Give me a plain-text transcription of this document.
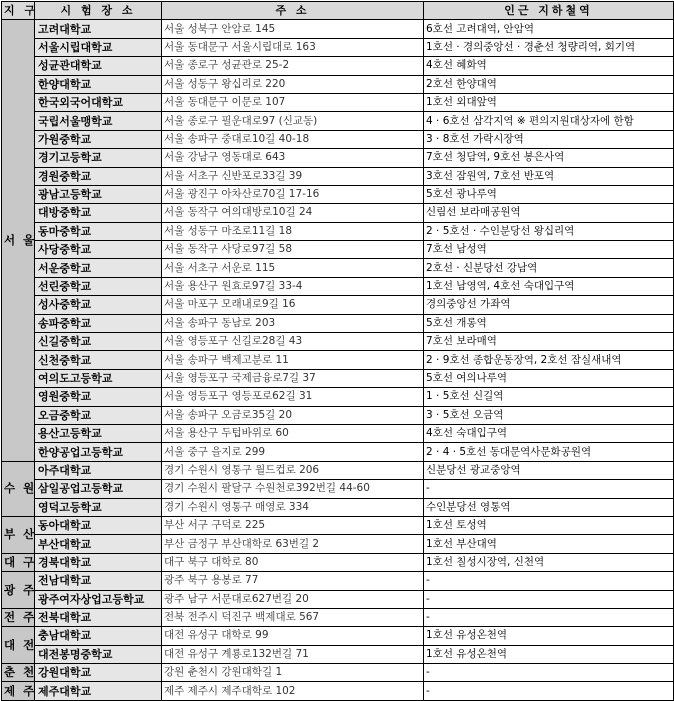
지 구	시 험 장 소	주 소	인근 지하철역
서 울	고려대학교	서울 성북구 안암로 145	6호선 고려대역, 안암역
	서울시립대학교	서울 동대문구 서울시립대로 163	1호선 · 경의중앙선 · 경춘선 청량리역, 회기역
	성균관대학교	서울 종로구 성균관로 25-2	4호선 혜화역
	한양대학교	서울 성동구 왕십리로 220	2호선 한양대역
	한국외국어대학교	서울 동대문구 이문로 107	1호선 외대앞역
	국립서울맹학교	서울 종로구 필운대로97 (신교동)	4 · 6호선 삼각지역 ※ 편의지원대상자에 한함
	가원중학교	서울 송파구 중대로10길 40-18	3 · 8호선 가락시장역
	경기고등학교	서울 강남구 영동대로 643	7호선 청담역, 9호선 봉은사역
	경원중학교	서울 서초구 신반포로33길 39	3호선 잠원역, 7호선 반포역
	광남고등학교	서울 광진구 아차산로70길 17-16	5호선 광나루역
	대방중학교	서울 동작구 여의대방로10길 24	신림선 보라매공원역
	동마중학교	서울 성동구 마조로11길 18	2 · 5호선 · 수인분당선 왕십리역
	사당중학교	서울 동작구 사당로97길 58	7호선 남성역
	서운중학교	서울 서초구 서운로 115	2호선 · 신분당선 강남역
	선린중학교	서울 용산구 원효로97길 33-4	1호선 남영역, 4호선 숙대입구역
	성사중학교	서울 마포구 모래내로9길 16	경의중앙선 가좌역
	송파중학교	서울 송파구 동남로 203	5호선 개롱역
	신길중학교	서울 영등포구 신길로28길 43	7호선 보라매역
	신천중학교	서울 송파구 백제고분로 11	2 · 9호선 종합운동장역, 2호선 잠실새내역
	여의도고등학교	서울 영등포구 국제금융로7길 37	5호선 여의나루역
	영원중학교	서울 영등포구 영등포로62길 31	1 · 5호선 신길역
	오금중학교	서울 송파구 오금로35길 20	3 · 5호선 오금역
	용산고등학교	서울 용산구 두텁바위로 60	4호선 숙대입구역
	한양공업고등학교	서울 중구 을지로 299	2 · 4 · 5호선 동대문역사문화공원역
수 원	아주대학교	경기 수원시 영통구 월드컵로 206	신분당선 광교중앙역
	삼일공업고등학교	경기 수원시 팔달구 수원천로392번길 44-60	-
	영덕고등학교	경기 수원시 영통구 매영로 334	수인분당선 영통역
부 산	동아대학교	부산 서구 구덕로 225	1호선 토성역
	부산대학교	부산 금정구 부산대학로 63번길 2	1호선 부산대역
대 구	경북대학교	대구 북구 대학로 80	1호선 칠성시장역, 신천역
광 주	전남대학교	광주 북구 용봉로 77	-
	광주여자상업고등학교	광주 남구 서문대로627번길 20	-
전 주	전북대학교	전북 전주시 덕진구 백제대로 567	-
대 전	충남대학교	대전 유성구 대학로 99	1호선 유성온천역
	대전봉명중학교	대전 유성구 계룡로132번길 71	1호선 유성온천역
춘 천	강원대학교	강원 춘천시 강원대학길 1	-
제 주	제주대학교	제주 제주시 제주대학로 102	-
